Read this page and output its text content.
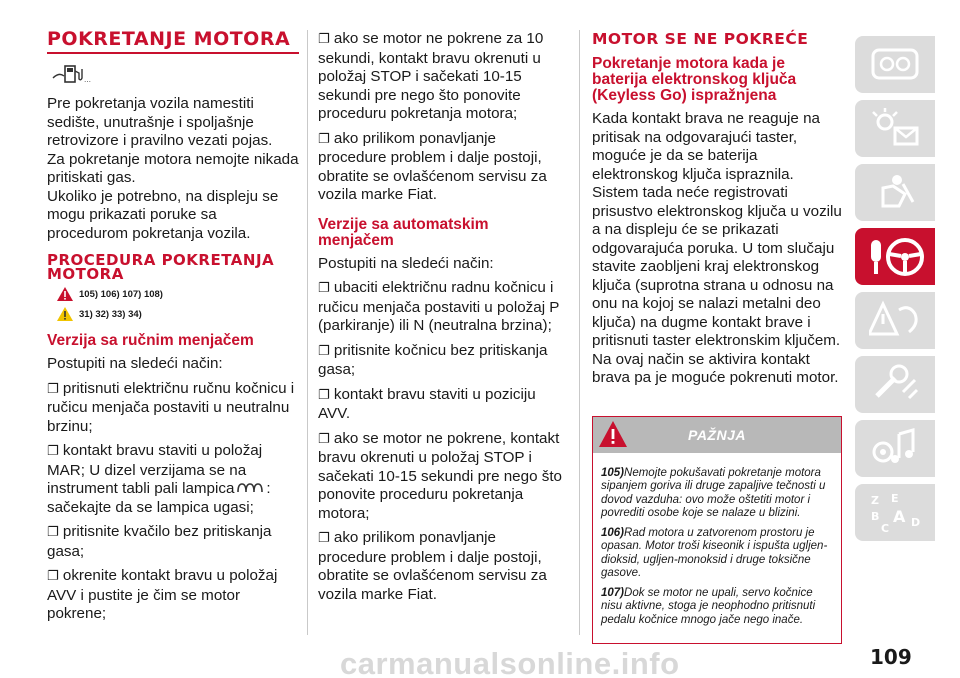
POKRETANJE MOTORA
…

Pre pokretanja vozila namestiti sedište, unutrašnje i spoljašnje retrovizore i pravilno vezati pojas.

Za pokretanje motora nemojte nikada pritiskati gas.

Ukoliko je potrebno, na displeju se mogu prikazati poruke sa procedurom pokretanja vozila.

PROCEDURA POKRETANJA MOTORA
105) 106) 107) 108)
31) 32) 33) 34)
Verzija sa ručnim menjačem

Postupiti na sledeći način:

❐ pritisnuti električnu ručnu kočnicu i ručicu menjača postaviti u neutralnu brzinu;

❐ kontakt bravu staviti u položaj MAR; U dizel verzijama se na instrument tabli pali lampica : sačekajte da se lampica ugasi;

❐ pritisnite kvačilo bez pritiskanja gasa;

❐ okrenite kontakt bravu u položaj AVV i pustite je čim se motor pokrene;

❐ ako se motor ne pokrene za 10 sekundi, kontakt bravu okrenuti u položaj STOP i sačekati 10-15 sekundi pre nego što ponovite proceduru pokretanja motora;

❐ ako prilikom ponavljanje procedure problem i dalje postoji, obratite se ovlašćenom servisu za vozila marke Fiat.

Verzije sa automatskim menjačem

Postupiti na sledeći način:

❐ ubaciti električnu radnu kočnicu i ručicu menjača postaviti u položaj P (parkiranje) ili N (neutralna brzina);

❐ pritisnite kočnicu bez pritiskanja gasa;

❐ kontakt bravu staviti u poziciju AVV.

❐ ako se motor ne pokrene, kontakt bravu okrenuti u položaj STOP i sačekati 10-15 sekundi pre nego što ponovite proceduru pokretanja motora;

❐ ako prilikom ponavljanje procedure problem i dalje postoji, obratite se ovlašćenom servisu za vozila marke Fiat.

MOTOR SE NE POKREĆE
Pokretanje motora kada je baterija elektronskog ključa (Keyless Go) ispražnjena

Kada kontakt brava ne reaguje na pritisak na odgovarajući taster, moguće je da se baterija elektronskog ključa ispraznila. Sistem tada neće registrovati prisustvo elektronskog ključa u vozilu a na displeju će se prikazati odgovarajuća poruka. U tom slučaju stavite zaobljeni kraj elektronskog ključa (suprotna strana u odnosu na onu na kojoj se nalazi metalni deo ključa) na dugme kontakt brave i pritisnuti taster elektronskim ključem. Na ovaj način se aktivira kontakt brava pa je moguće pokrenuti motor.

PAŽNJA

105)Nemojte pokušavati pokretanje motora sipanjem goriva ili druge zapaljive tečnosti u dovod vazduha: ovo može oštetiti motor i povrediti osobe koje se nalaze u blizini.

106)Rad motora u zatvorenom prostoru je opasan. Motor troši kiseonik i ispušta ugljen-dioksid, ugljen-monoksid i druge toksične gasove.

107)Dok se motor ne upali, servo kočnice nisu aktivne, stoga je neophodno pritisnuti pedalu kočnice mnogo jače nego inače.

Z E
B A
C D
carmanualsonline.info	109
